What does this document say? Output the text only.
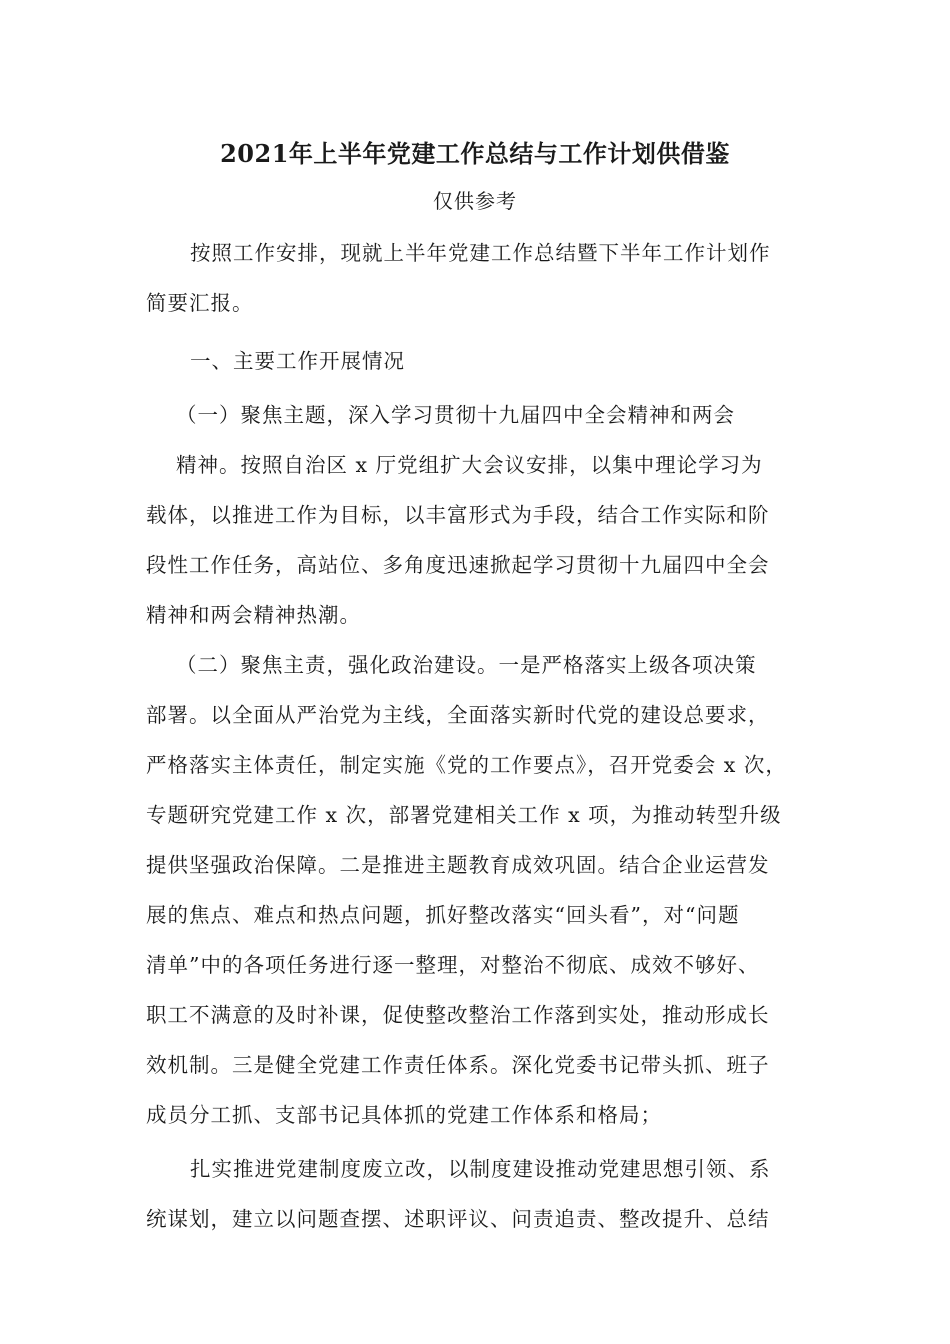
2021年上半年党建工作总结与工作计划供借鉴
仅供参考
按照工作安排，现就上半年党建工作总结暨下半年工作计划作
简要汇报。
一、主要工作开展情况
（一）聚焦主题，深入学习贯彻十九届四中全会精神和两会
精神。按照自治区 x 厅党组扩大会议安排，以集中理论学习为
载体，以推进工作为目标，以丰富形式为手段，结合工作实际和阶
段性工作任务，高站位、多角度迅速掀起学习贯彻十九届四中全会
精神和两会精神热潮。
（二）聚焦主责，强化政治建设。一是严格落实上级各项决策
部署。以全面从严治党为主线，全面落实新时代党的建设总要求，
严格落实主体责任，制定实施《党的工作要点》，召开党委会 x 次，
专题研究党建工作 x 次，部署党建相关工作 x 项，为推动转型升级
提供坚强政治保障。二是推进主题教育成效巩固。结合企业运营发
展的焦点、难点和热点问题，抓好整改落实“回头看”，对“问题
清单”中的各项任务进行逐一整理，对整治不彻底、成效不够好、
职工不满意的及时补课，促使整改整治工作落到实处，推动形成长
效机制。三是健全党建工作责任体系。深化党委书记带头抓、班子
成员分工抓、支部书记具体抓的党建工作体系和格局；
扎实推进党建制度废立改，以制度建设推动党建思想引领、系
统谋划，建立以问题查摆、述职评议、问责追责、整改提升、总结
